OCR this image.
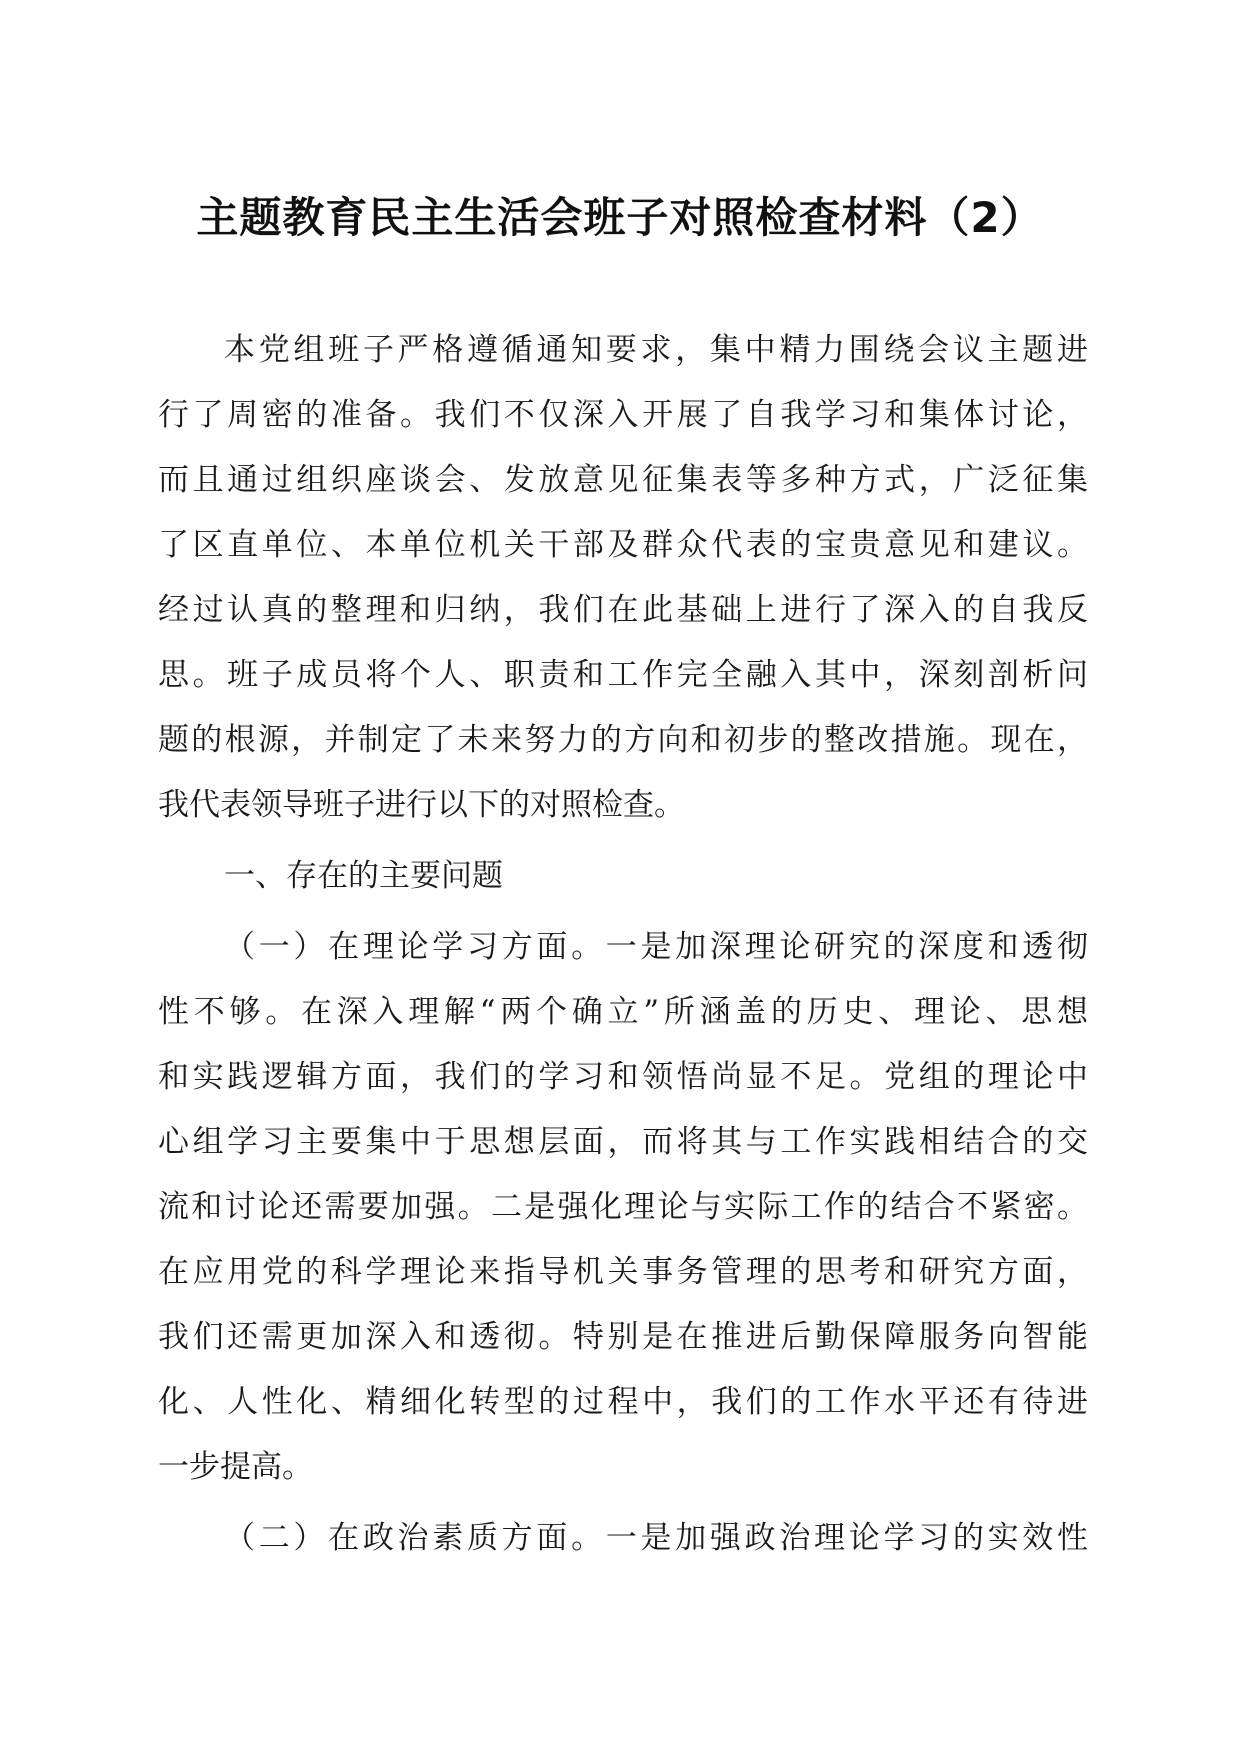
主题教育民主生活会班子对照检查材料（2）
本党组班子严格遵循通知要求，集中精力围绕会议主题进
行了周密的准备。我们不仅深入开展了自我学习和集体讨论，
而且通过组织座谈会、发放意见征集表等多种方式，广泛征集
了区直单位、本单位机关干部及群众代表的宝贵意见和建议。
经过认真的整理和归纳，我们在此基础上进行了深入的自我反
思。班子成员将个人、职责和工作完全融入其中，深刻剖析问
题的根源，并制定了未来努力的方向和初步的整改措施。现在，
我代表领导班子进行以下的对照检查。
一、存在的主要问题
（一）在理论学习方面。一是加深理论研究的深度和透彻
性不够。在深入理解“两个确立”所涵盖的历史、理论、思想
和实践逻辑方面，我们的学习和领悟尚显不足。党组的理论中
心组学习主要集中于思想层面，而将其与工作实践相结合的交
流和讨论还需要加强。二是强化理论与实际工作的结合不紧密。
在应用党的科学理论来指导机关事务管理的思考和研究方面，
我们还需更加深入和透彻。特别是在推进后勤保障服务向智能
化、人性化、精细化转型的过程中，我们的工作水平还有待进
一步提高。
（二）在政治素质方面。一是加强政治理论学习的实效性
